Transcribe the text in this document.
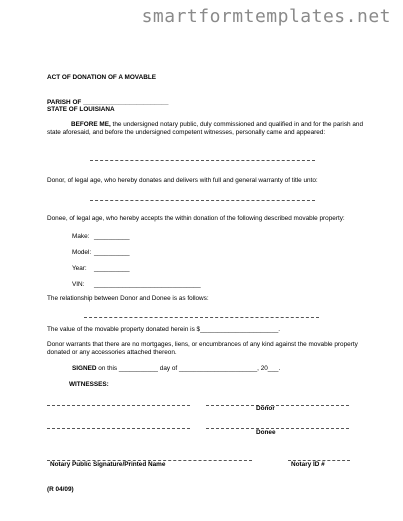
smartformtemplates.net
ACT OF DONATION OF A MOVABLE
PARISH OF ________________________
STATE OF LOUISIANA
BEFORE ME, the undersigned notary public, duly commissioned and qualified in and for the parish and state aforesaid, and before the undersigned competent witnesses, personally came and appeared:
Donor, of legal age, who hereby donates and delivers with full and general warranty of title unto:
Donee, of legal age, who hereby accepts the within donation of the following described movable property:
Make: __________
Model: __________
Year: __________
VIN: ______________________________
The relationship between Donor and Donee is as follows:
The value of the movable property donated herein is $______________________.
Donor warrants that there are no mortgages, liens, or encumbrances of any kind against the movable property donated or any accessories attached thereon.
SIGNED on this ___________ day of ______________________, 20___.
WITNESSES:
Donor
Donee
Notary Public Signature/Printed Name	Notary ID #
(R 04/09)
